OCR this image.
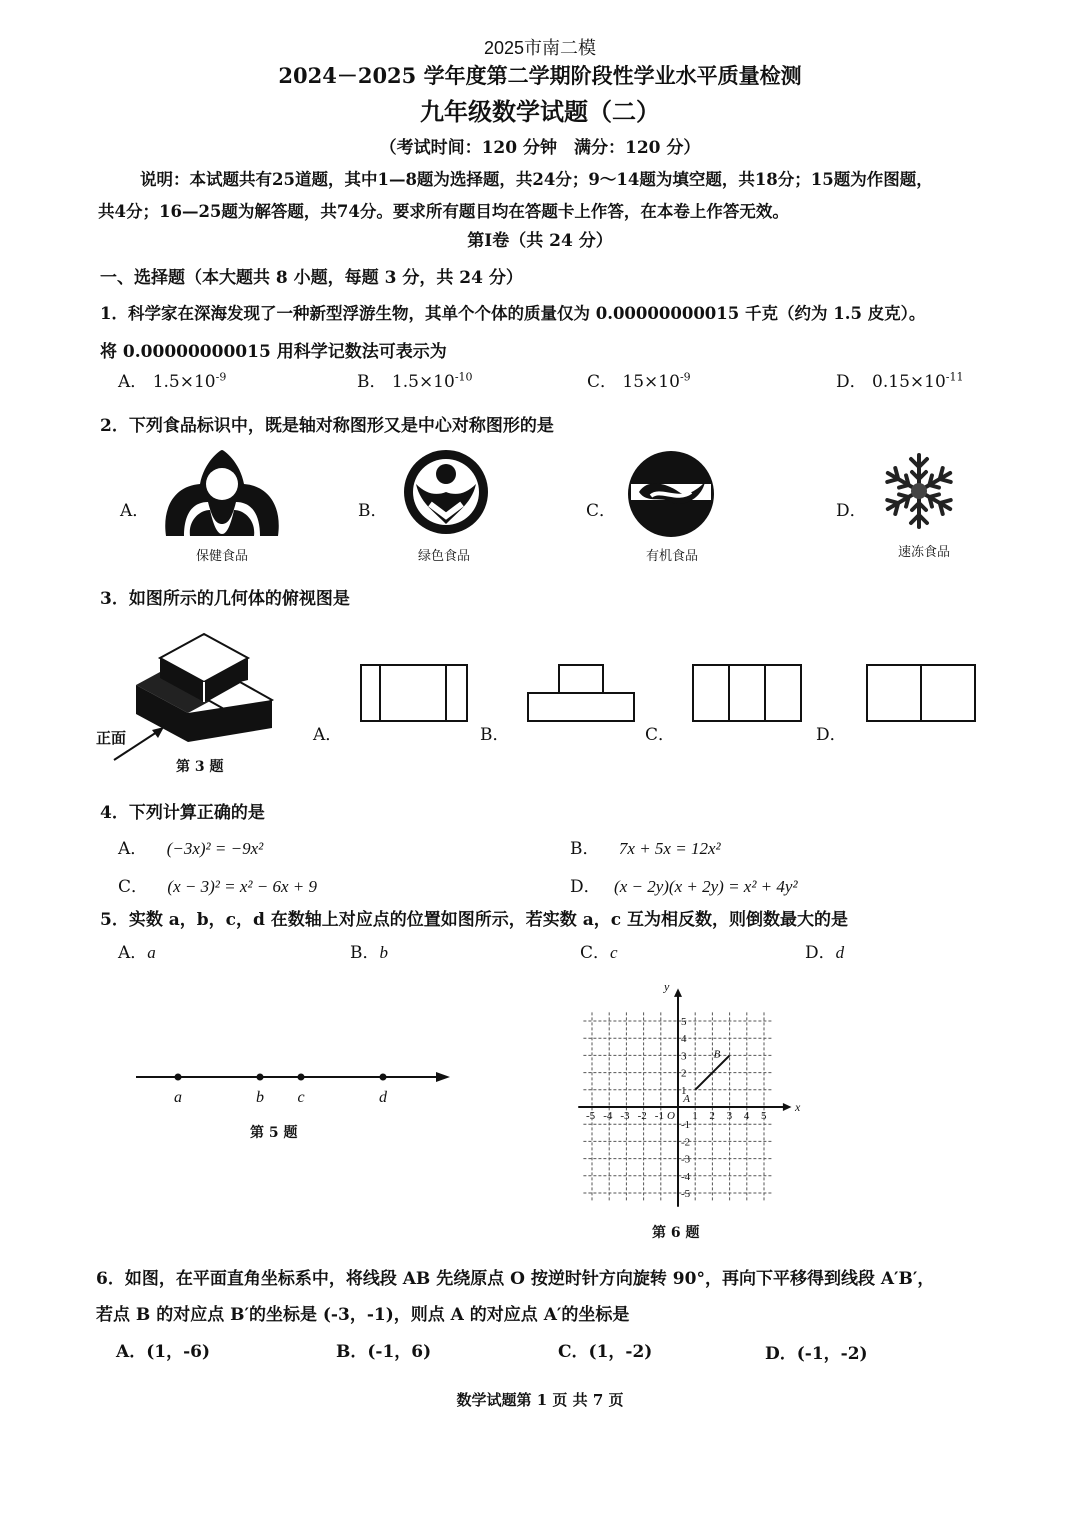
2025市南二模
2024－2025 学年度第二学期阶段性学业水平质量检测
九年级数学试题（二）
（考试时间：120 分钟　满分：120 分）
说明：本试题共有25道题，其中1—8题为选择题，共24分；9～14题为填空题，共18分；15题为作图题，
共4分；16—25题为解答题，共74分。要求所有题目均在答题卡上作答，在本卷上作答无效。
第Ⅰ卷（共 24 分）
一、选择题（本大题共 8 小题，每题 3 分，共 24 分）
1．科学家在深海发现了一种新型浮游生物，其单个个体的质量仅为 0.00000000015 千克（约为 1.5 皮克）。
将 0.00000000015 用科学记数法可表示为
A． $1.5\times 10^{-9}$	B． $1.5\times 10^{-10}$	C． $15\times 10^{-9}$	D． $0.15\times 10^{-11}$
2．下列食品标识中，既是轴对称图形又是中心对称图形的是
A．
保健食品
B．
绿色食品
C．
有机食品
D．
速冻食品
3．如图所示的几何体的俯视图是
正面
第 3 题
A．	B．	C．	D．
4．下列计算正确的是
A． (−3x)² = −9x²	B． 7x + 5x = 12x²
C． (x − 3)² = x² − 6x + 9	D． (x − 2y)(x + 2y) = x² + 4y²
5．实数 a，b，c，d 在数轴上对应点的位置如图所示，若实数 a，c 互为相反数，则倒数最大的是
A．a	B．b	C．c	D．d
a	b c	d
第 5 题
x
y
O
-5 -4 -3 -2 -1	1 2 3 4 5
5
4
3
2
1
-1
-2
-3
-4
-5
A
B
第 6 题
6．如图，在平面直角坐标系中，将线段 AB 先绕原点 O 按逆时针方向旋转 90°，再向下平移得到线段 A′B′，
若点 B 的对应点 B′的坐标是 (-3，-1)，则点 A 的对应点 A′的坐标是
A．(1，-6)	B．(-1，6)	C．(1，-2)	D．(-1，-2)
数学试题第 1 页 共 7 页
